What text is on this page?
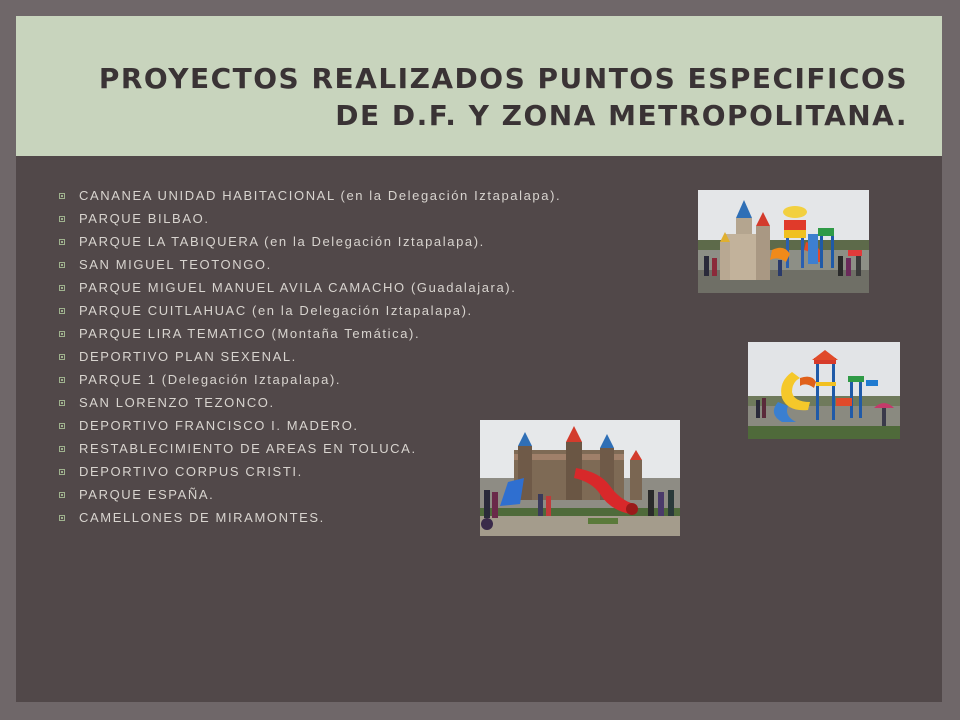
PROYECTOS REALIZADOS PUNTOS ESPECIFICOS DE D.F. Y ZONA METROPOLITANA.
CANANEA UNIDAD HABITACIONAL (en la Delegación Iztapalapa).
PARQUE BILBAO.
PARQUE LA TABIQUERA (en la Delegación Iztapalapa).
SAN MIGUEL TEOTONGO.
PARQUE MIGUEL MANUEL AVILA CAMACHO (Guadalajara).
PARQUE CUITLAHUAC (en la Delegación Iztapalapa).
PARQUE LIRA TEMATICO (Montaña Temática).
DEPORTIVO PLAN SEXENAL.
PARQUE 1 (Delegación Iztapalapa).
SAN LORENZO TEZONCO.
DEPORTIVO FRANCISCO I. MADERO.
RESTABLECIMIENTO DE AREAS EN TOLUCA.
DEPORTIVO CORPUS CRISTI.
PARQUE ESPAÑA.
CAMELLONES DE MIRAMONTES.
